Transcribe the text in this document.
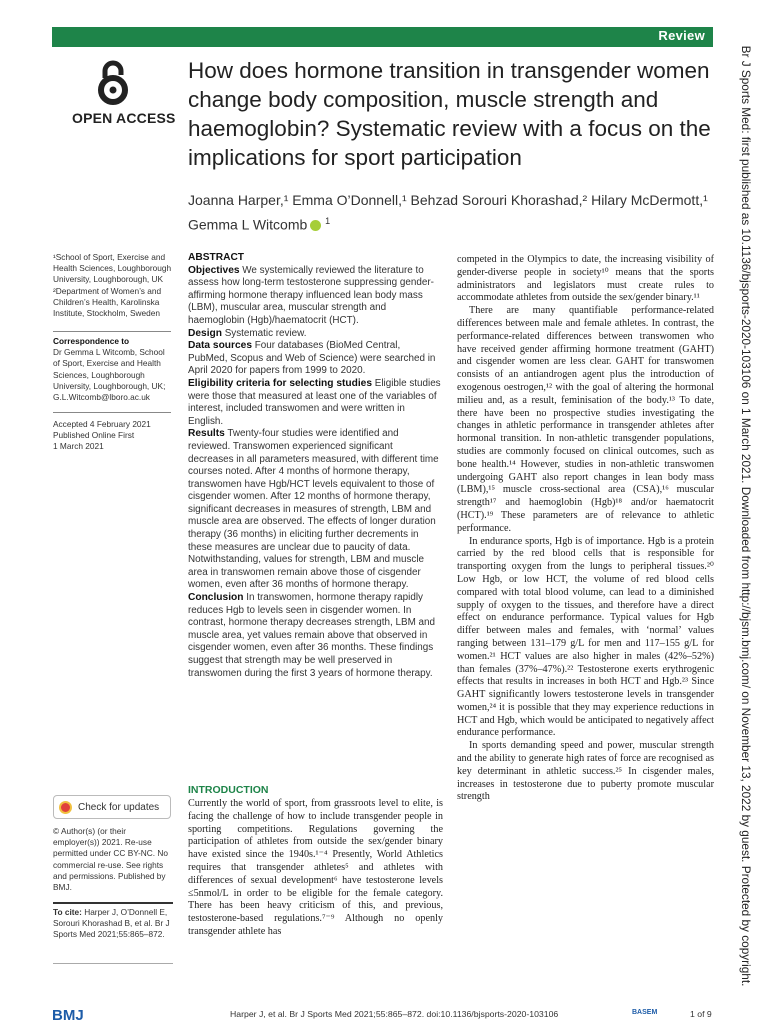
Review
OPEN ACCESS
How does hormone transition in transgender women change body composition, muscle strength and haemoglobin? Systematic review with a focus on the implications for sport participation
Joanna Harper,¹ Emma O’Donnell,¹ Behzad Sorouri Khorashad,² Hilary McDermott,¹
Gemma L Witcomb $^1$
¹School of Sport, Exercise and Health Sciences, Loughborough University, Loughborough, UK ²Department of Women’s and Children’s Health, Karolinska Institute, Stockholm, Sweden
Correspondence to
Dr Gemma L Witcomb, School of Sport, Exercise and Health Sciences, Loughborough University, Loughborough, UK; G.L.Witcomb@lboro.ac.uk
Accepted 4 February 2021
Published Online First
1 March 2021
Check for updates
© Author(s) (or their employer(s)) 2021. Re-use permitted under CC BY-NC. No commercial re-use. See rights and permissions. Published by BMJ.
To cite: Harper J, O’Donnell E, Sorouri Khorashad B, et al. Br J Sports Med 2021;55:865–872.
ABSTRACT

Objectives We systemically reviewed the literature to assess how long-term testosterone suppressing gender-affirming hormone therapy influenced lean body mass (LBM), muscular area, muscular strength and haemoglobin (Hgb)/haematocrit (HCT).

Design Systematic review.

Data sources Four databases (BioMed Central, PubMed, Scopus and Web of Science) were searched in April 2020 for papers from 1999 to 2020.

Eligibility criteria for selecting studies Eligible studies were those that measured at least one of the variables of interest, included transwomen and were written in English.

Results Twenty-four studies were identified and reviewed. Transwomen experienced significant decreases in all parameters measured, with different time courses noted. After 4 months of hormone therapy, transwomen have Hgb/HCT levels equivalent to those of cisgender women. After 12 months of hormone therapy, significant decreases in measures of strength, LBM and muscle area are observed. The effects of longer duration therapy (36 months) in eliciting further decrements in these measures are unclear due to paucity of data. Notwithstanding, values for strength, LBM and muscle area in transwomen remain above those of cisgender women, even after 36 months of hormone therapy.

Conclusion In transwomen, hormone therapy rapidly reduces Hgb to levels seen in cisgender women. In contrast, hormone therapy decreases strength, LBM and muscle area, yet values remain above that observed in cisgender women, even after 36 months. These findings suggest that strength may be well preserved in transwomen during the first 3 years of hormone therapy.

INTRODUCTION

Currently the world of sport, from grassroots level to elite, is facing the challenge of how to include transgender people in sporting competitions. Regulations governing the participation of athletes from outside the sex/gender binary have existed since the 1940s.¹⁻⁴ Presently, World Athletics requires that transgender athletes⁵ and athletes with differences of sexual development⁶ have testosterone levels ≤5nmol/L in order to be eligible for the female category. There has been heavy criticism of this, and previous, testosterone-based regulations.⁷⁻⁹ Although no openly transgender athlete has

competed in the Olympics to date, the increasing visibility of gender-diverse people in society¹⁰ means that the sports administrators and legislators must create rules to accommodate athletes from outside the sex/gender binary.¹¹

There are many quantifiable performance-related differences between male and female athletes. In contrast, the performance-related differences between transwomen who have received gender affirming hormone treatment (GAHT) and cisgender women are less clear. GAHT for transwomen consists of an antiandrogen agent plus the introduction of exogenous oestrogen,¹² with the goal of altering the hormonal milieu and, as a result, feminisation of the body.¹³ To date, there have been no prospective studies investigating the changes in athletic performance in transgender athletes after hormonal transition. In non-athletic transgender populations, studies are commonly focused on clinical outcomes, such as bone health.¹⁴ However, studies in non-athletic transwomen undergoing GAHT also report changes in lean body mass (LBM),¹⁵ muscle cross-sectional area (CSA),¹⁶ muscular strength¹⁷ and haemoglobin (Hgb)¹⁸ and/or haematocrit (HCT).¹⁹ These parameters are of relevance to athletic performance.

In endurance sports, Hgb is of importance. Hgb is a protein carried by the red blood cells that is responsible for transporting oxygen from the lungs to peripheral tissues.²⁰ Low Hgb, or low HCT, the volume of red blood cells compared with total blood volume, can lead to a diminished supply of oxygen to the tissues, and therefore have a direct effect on endurance performance. Typical values for Hgb differ between males and females, with ‘normal’ values ranging between 131–179 g/L for men and 117–155 g/L for women.²¹ HCT values are also higher in males (42%–52%) than females (37%–47%).²² Testosterone exerts erythrogenic effects that results in increases in both HCT and Hgb.²³ Since GAHT significantly lowers testosterone levels in transgender women,²⁴ it is possible that they may experience reductions in HCT and Hgb, which would be anticipated to negatively affect endurance performance.

In sports demanding speed and power, muscular strength and the ability to generate high rates of force are recognised as key determinant in athletic success.²⁵ In cisgender males, increases in testosterone due to puberty promote muscular strength	Br J Sports Med: first published as 10.1136/bjsports-2020-103106 on 1 March 2021. Downloaded from http://bjsm.bmj.com/ on November 13, 2022 by guest. Protected by copyright.
BMJ	Harper J, et al. Br J Sports Med 2021;55:865–872. doi:10.1136/bjsports-2020-103106	BASEM	1 of 9
